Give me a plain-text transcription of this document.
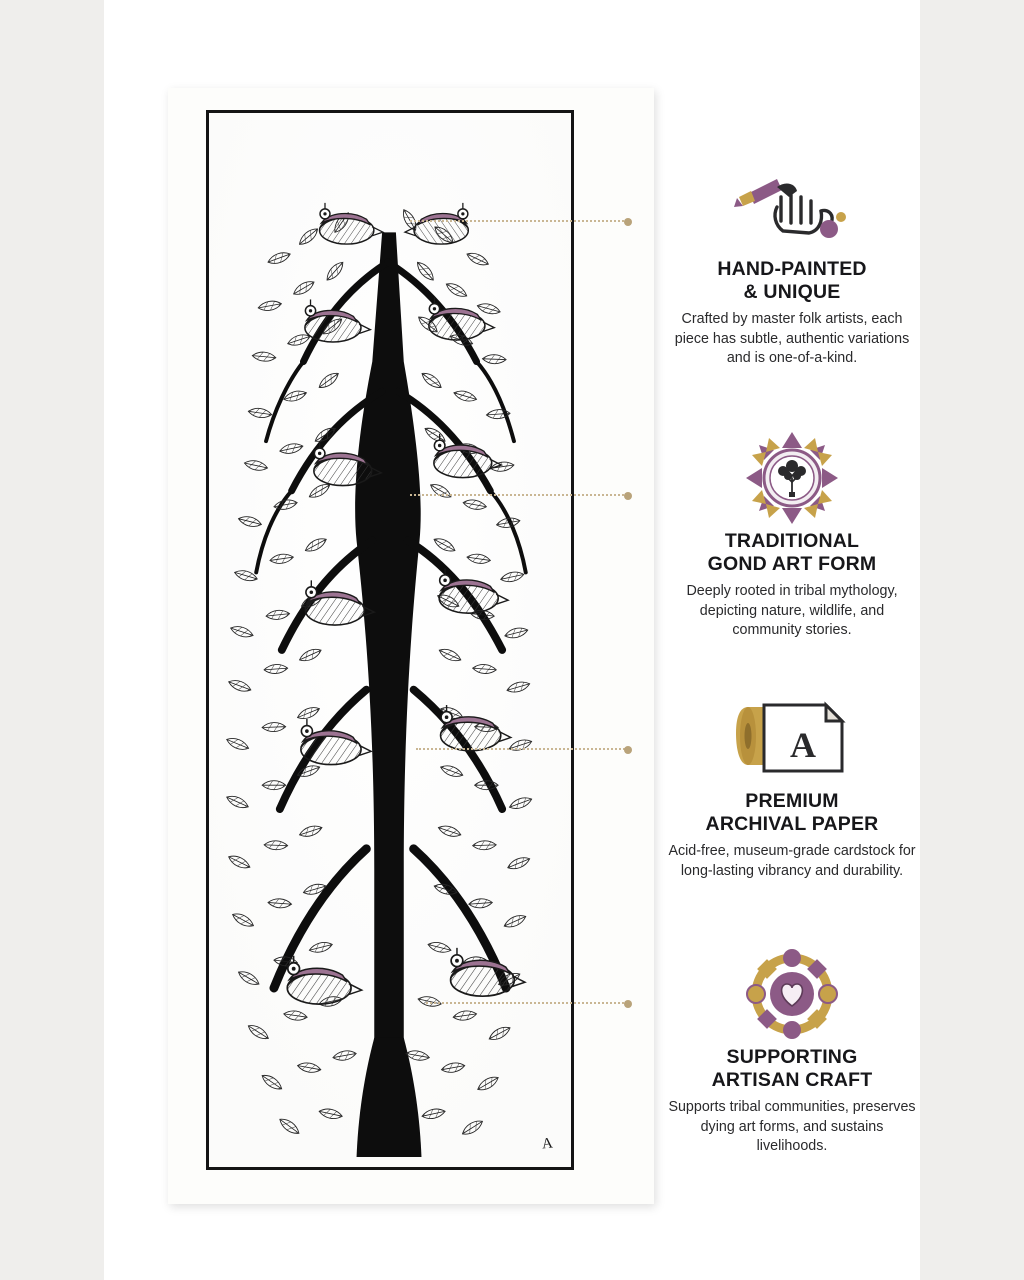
A
HAND-PAINTED
& UNIQUE

Crafted by master folk artists, each piece has subtle, authentic variations and is one-of-a-kind.

TRADITIONAL
GOND ART FORM

Deeply rooted in tribal mythology, depicting nature, wildlife, and community stories.

A
PREMIUM
ARCHIVAL PAPER

Acid-free, museum-grade cardstock for long-lasting vibrancy and durability.

SUPPORTING
ARTISAN CRAFT

Supports tribal communities, preserves dying art forms, and sustains livelihoods.
